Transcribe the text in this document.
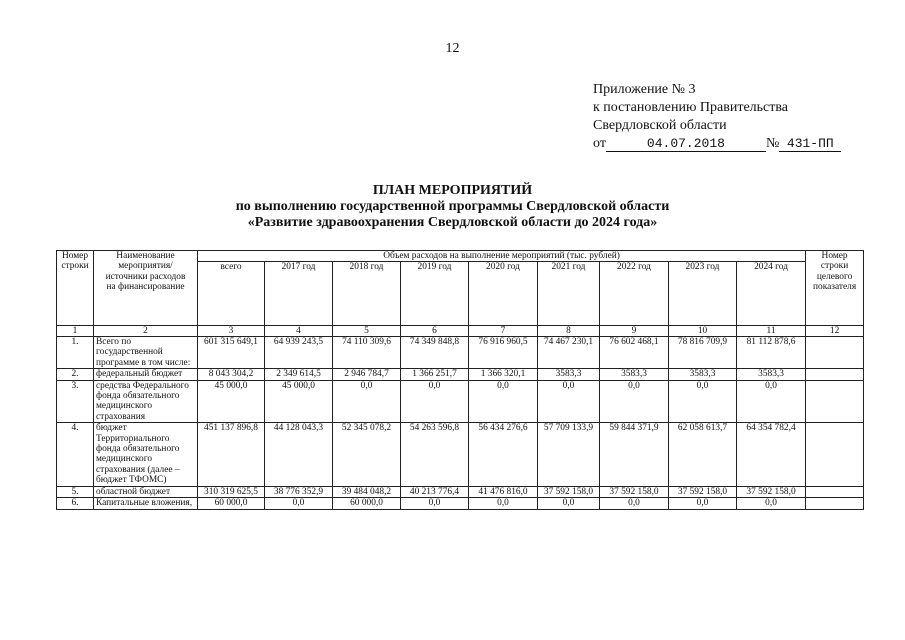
12
Приложение № 3
к постановлению Правительства
Свердловской области
от	04.07.2018	№ 431-ПП
ПЛАН МЕРОПРИЯТИЙ
по выполнению государственной программы Свердловской области
«Развитие здравоохранения Свердловской области до 2024 года»
Номер строки	Наименование мероприятия/ источники расходов на финансирование	Объем расходов на выполнение мероприятий (тыс. рублей)									Номер строки целевого показателя
		всего	2017 год	2018 год	2019 год	2020 год	2021 год	2022 год	2023 год	2024 год	
1	2	3	4	5	6	7	8	9	10	11	12
1.	Всего по государственной программе в том числе:	601 315 649,1	64 939 243,5	74 110 309,6	74 349 848,8	76 916 960,5	74 467 230,1	76 602 468,1	78 816 709,9	81 112 878,6	
2.	федеральный бюджет	8 043 304,2	2 349 614,5	2 946 784,7	1 366 251,7	1 366 320,1	3583,3	3583,3	3583,3	3583,3	
3.	средства Федерального фонда обязательного медицинского страхования	45 000,0	45 000,0	0,0	0,0	0,0	0,0	0,0	0,0	0,0	
4.	бюджет Территориального фонда обязательного медицинского страхования (далее – бюджет ТФОМС)	451 137 896,8	44 128 043,3	52 345 078,2	54 263 596,8	56 434 276,6	57 709 133,9	59 844 371,9	62 058 613,7	64 354 782,4	
5.	областной бюджет	310 319 625,5	38 776 352,9	39 484 048,2	40 213 776,4	41 476 816,0	37 592 158,0	37 592 158,0	37 592 158,0	37 592 158,0	
6.	Капитальные вложения,	60 000,0	0,0	60 000,0	0,0	0,0	0,0	0,0	0,0	0,0	
